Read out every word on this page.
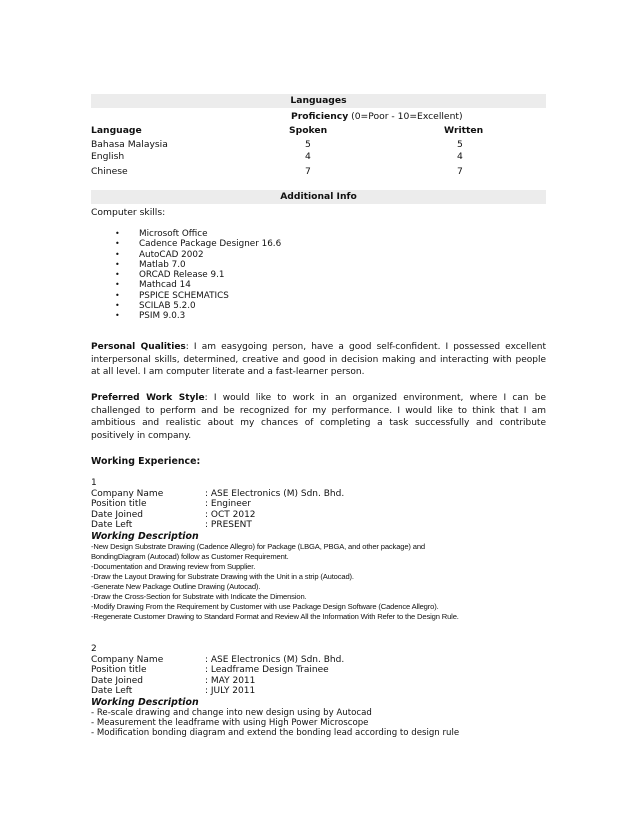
Languages
Proficiency (0=Poor - 10=Excellent)
Language	Spoken	Written
Bahasa Malaysia	5	5
English	4	4
Chinese	7	7
Additional Info
Computer skills:
• Microsoft Office
• Cadence Package Designer 16.6
• AutoCAD 2002
• Matlab 7.0
• ORCAD Release 9.1
• Mathcad 14
• PSPICE SCHEMATICS
• SCILAB 5.2.0
• PSIM 9.0.3
Personal Qualities: I am easygoing person, have a good self-confident. I possessed excellent interpersonal skills, determined, creative and good in decision making and interacting with people at all level. I am computer literate and a fast-learner person.
Preferred Work Style: I would like to work in an organized environment, where I can be challenged to perform and be recognized for my performance. I would like to think that I am ambitious and realistic about my chances of completing a task successfully and contribute positively in company.
Working Experience:
1
Company Name	: ASE Electronics (M) Sdn. Bhd.
Position title	: Engineer
Date Joined	: OCT 2012
Date Left	: PRESENT
Working Description
-New Design Substrate Drawing (Cadence Allegro) for Package (LBGA, PBGA, and other package) and
BondingDiagram (Autocad) follow as Customer Requirement.
-Documentation and Drawing review from Supplier.
-Draw the Layout Drawing for Substrate Drawing with the Unit in a strip (Autocad).
-Generate New Package Outline Drawing (Autocad).
-Draw the Cross-Section for Substrate with Indicate the Dimension.
-Modify Drawing From the Requirement by Customer with use Package Design Software (Cadence Allegro).
-Regenerate Customer Drawing to Standard Format and Review All the Information With Refer to the Design Rule.
2
Company Name	: ASE Electronics (M) Sdn. Bhd.
Position title	: Leadframe Design Trainee
Date Joined	: MAY 2011
Date Left	: JULY 2011
Working Description
- Re-scale drawing and change into new design using by Autocad
- Measurement the leadframe with using High Power Microscope
- Modification bonding diagram and extend the bonding lead according to design rule
